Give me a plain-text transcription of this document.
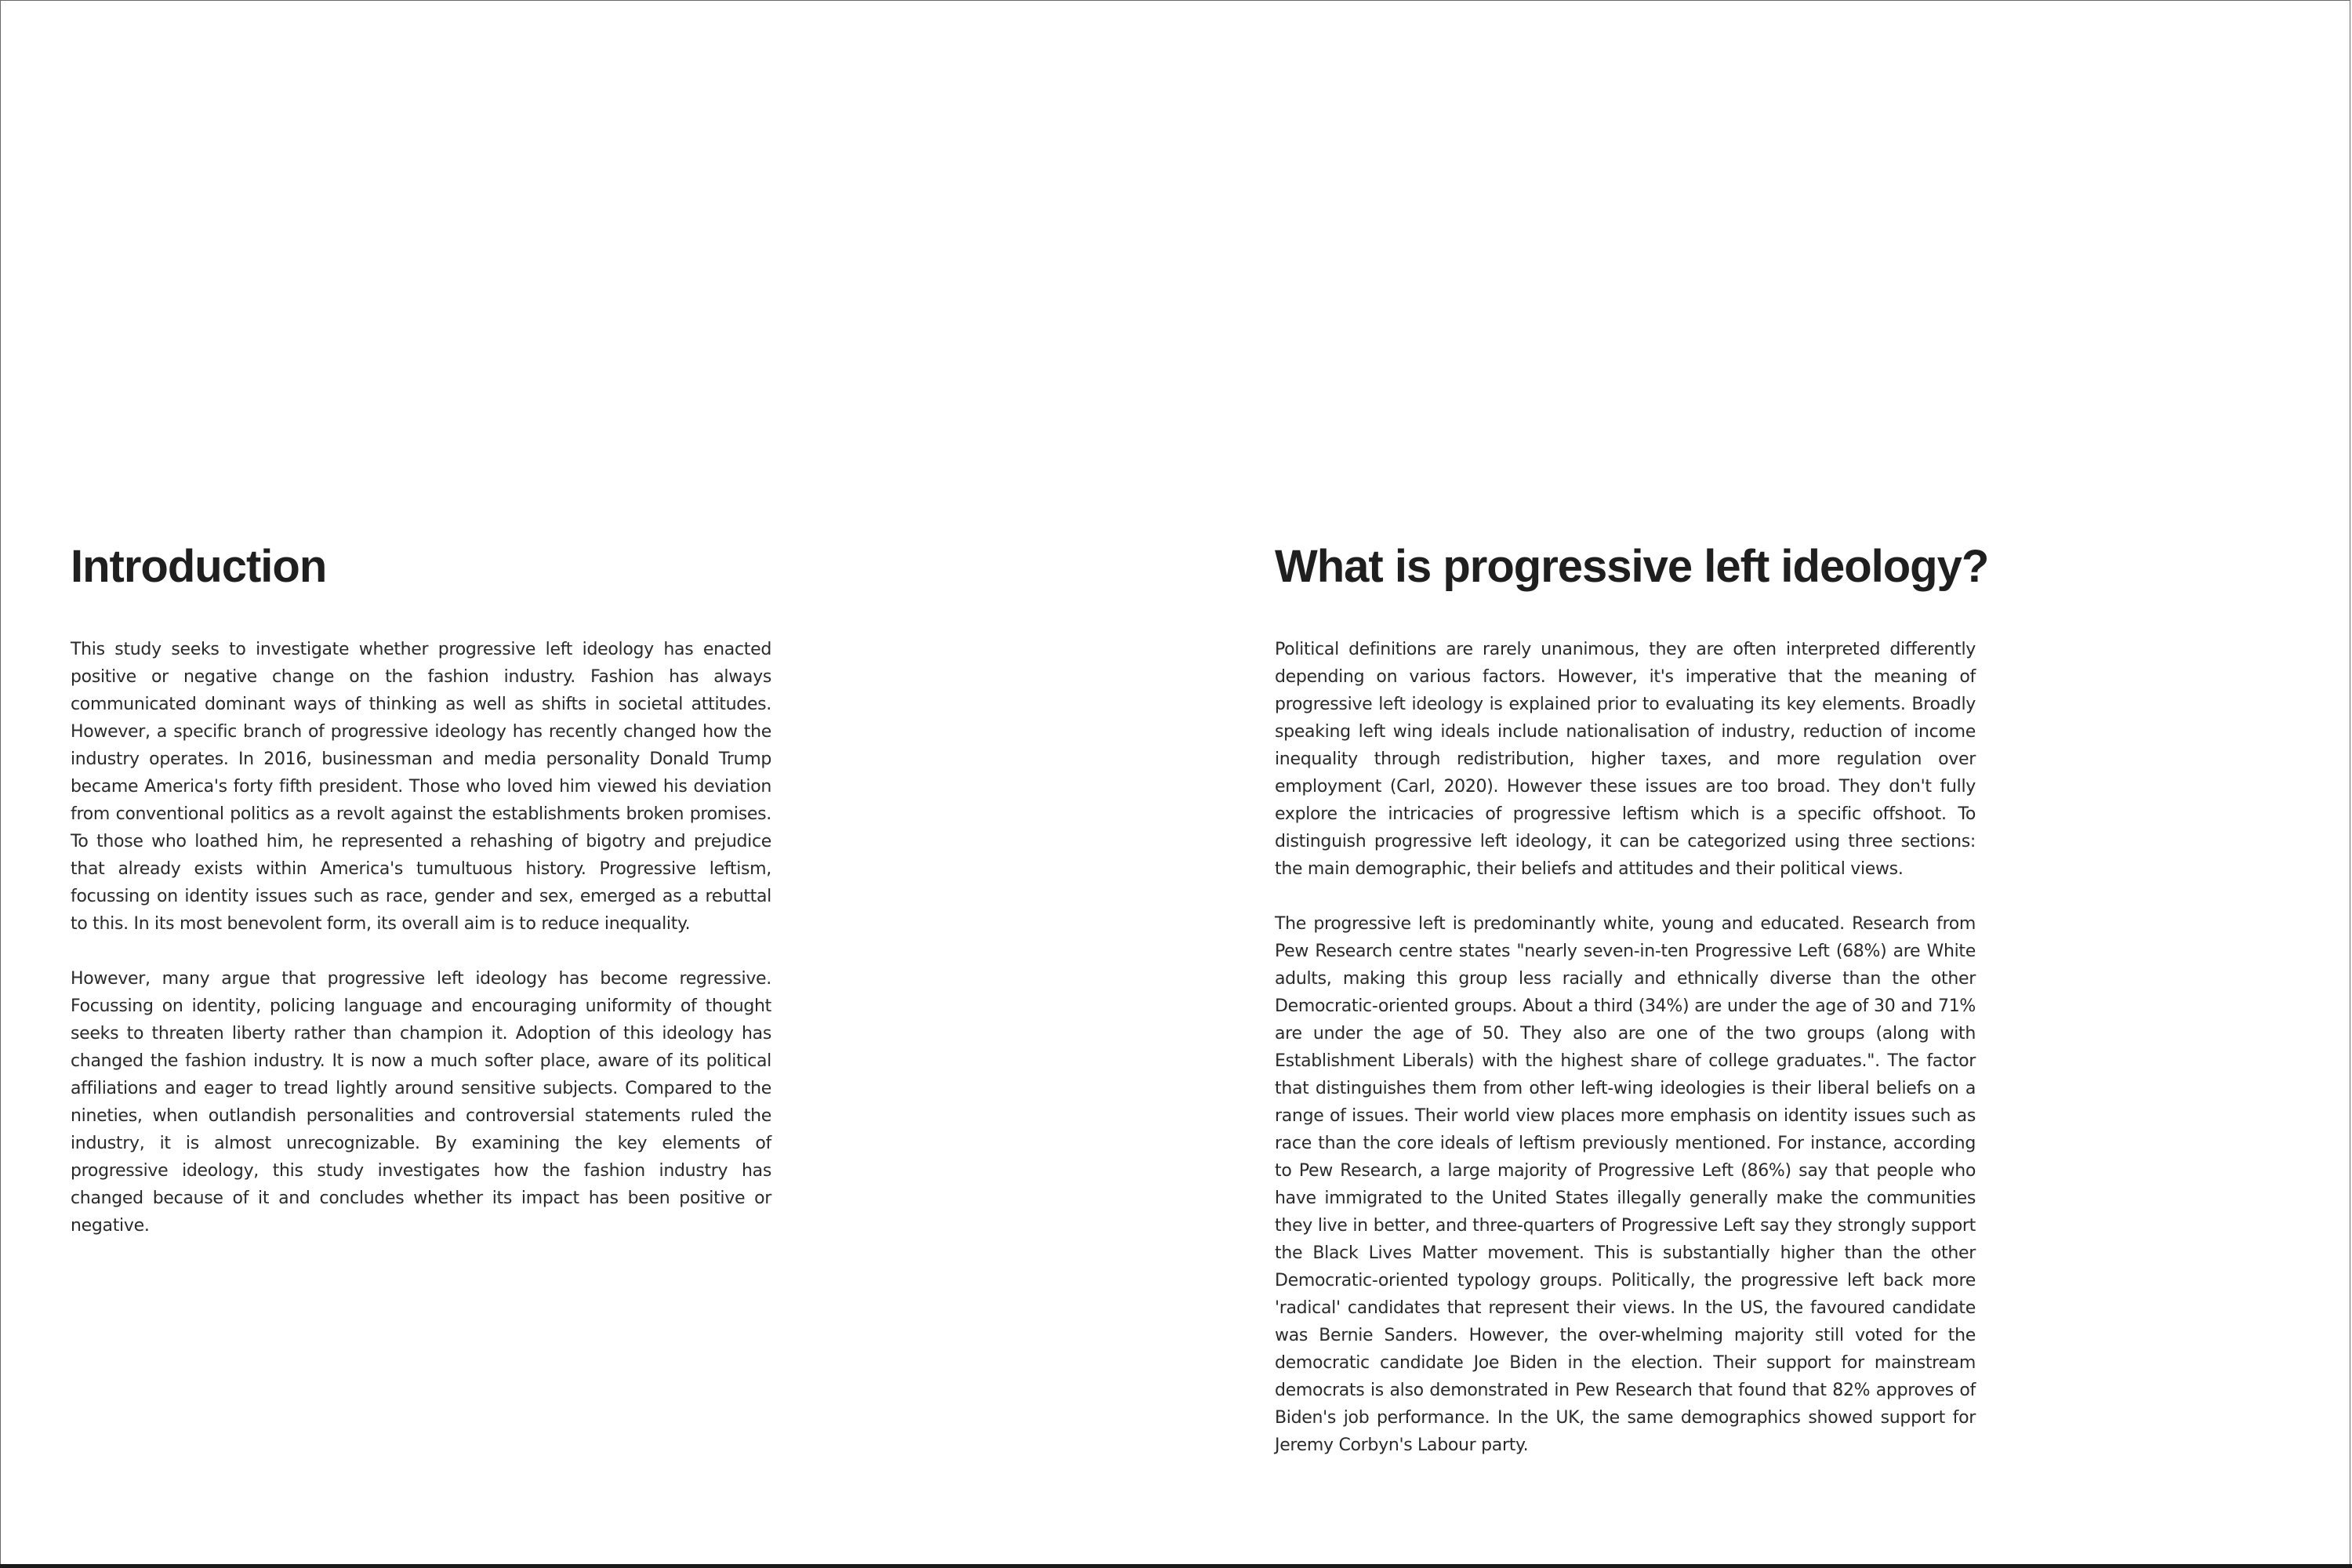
Introduction

This study seeks to investigate whether progressive left ideology has enacted positive or negative change on the fashion industry. Fashion has always communicated dominant ways of thinking as well as shifts in societal attitudes. However, a specific branch of progressive ideology has recently changed how the industry operates. In 2016, businessman and media personality Donald Trump became America's forty fifth president. Those who loved him viewed his deviation from conventional politics as a revolt against the establishments broken promises. To those who loathed him, he represented a rehashing of bigotry and prejudice that already exists within America's tumultuous history. Progressive leftism, focussing on identity issues such as race, gender and sex, emerged as a rebuttal to this. In its most benevolent form, its overall aim is to reduce inequality.

However, many argue that progressive left ideology has become regressive. Focussing on identity, policing language and encouraging uniformity of thought seeks to threaten liberty rather than champion it. Adoption of this ideology has changed the fashion industry. It is now a much softer place, aware of its political affiliations and eager to tread lightly around sensitive subjects. Compared to the nineties, when outlandish personalities and controversial statements ruled the industry, it is almost unrecognizable. By examining the key elements of progressive ideology, this study investigates how the fashion industry has changed because of it and concludes whether its impact has been positive or negative.

What is progressive left ideology?

Political definitions are rarely unanimous, they are often interpreted differently depending on various factors. However, it's imperative that the meaning of progressive left ideology is explained prior to evaluating its key elements. Broadly speaking left wing ideals include nationalisation of industry, reduction of income inequality through redistribution, higher taxes, and more regulation over employment (Carl, 2020). However these issues are too broad. They don't fully explore the intricacies of progressive leftism which is a specific offshoot. To distinguish progressive left ideology, it can be categorized using three sections: the main demographic, their beliefs and attitudes and their political views.

The progressive left is predominantly white, young and educated. Research from Pew Research centre states "nearly seven-in-ten Progressive Left (68%) are White adults, making this group less racially and ethnically diverse than the other Democratic-oriented groups. About a third (34%) are under the age of 30 and 71% are under the age of 50. They also are one of the two groups (along with Establishment Liberals) with the highest share of college graduates.". The factor that distinguishes them from other left-wing ideologies is their liberal beliefs on a range of issues. Their world view places more emphasis on identity issues such as race than the core ideals of leftism previously mentioned. For instance, according to Pew Research, a large majority of Progressive Left (86%) say that people who have immigrated to the United States illegally generally make the communities they live in better, and three-quarters of Progressive Left say they strongly support the Black Lives Matter movement. This is substantially higher than the other Democratic-oriented typology groups. Politically, the progressive left back more 'radical' candidates that represent their views. In the US, the favoured candidate was Bernie Sanders. However, the over-whelming majority still voted for the democratic candidate Joe Biden in the election. Their support for mainstream democrats is also demonstrated in Pew Research that found that 82% approves of Biden's job performance. In the UK, the same demographics showed support for Jeremy Corbyn's Labour party.
